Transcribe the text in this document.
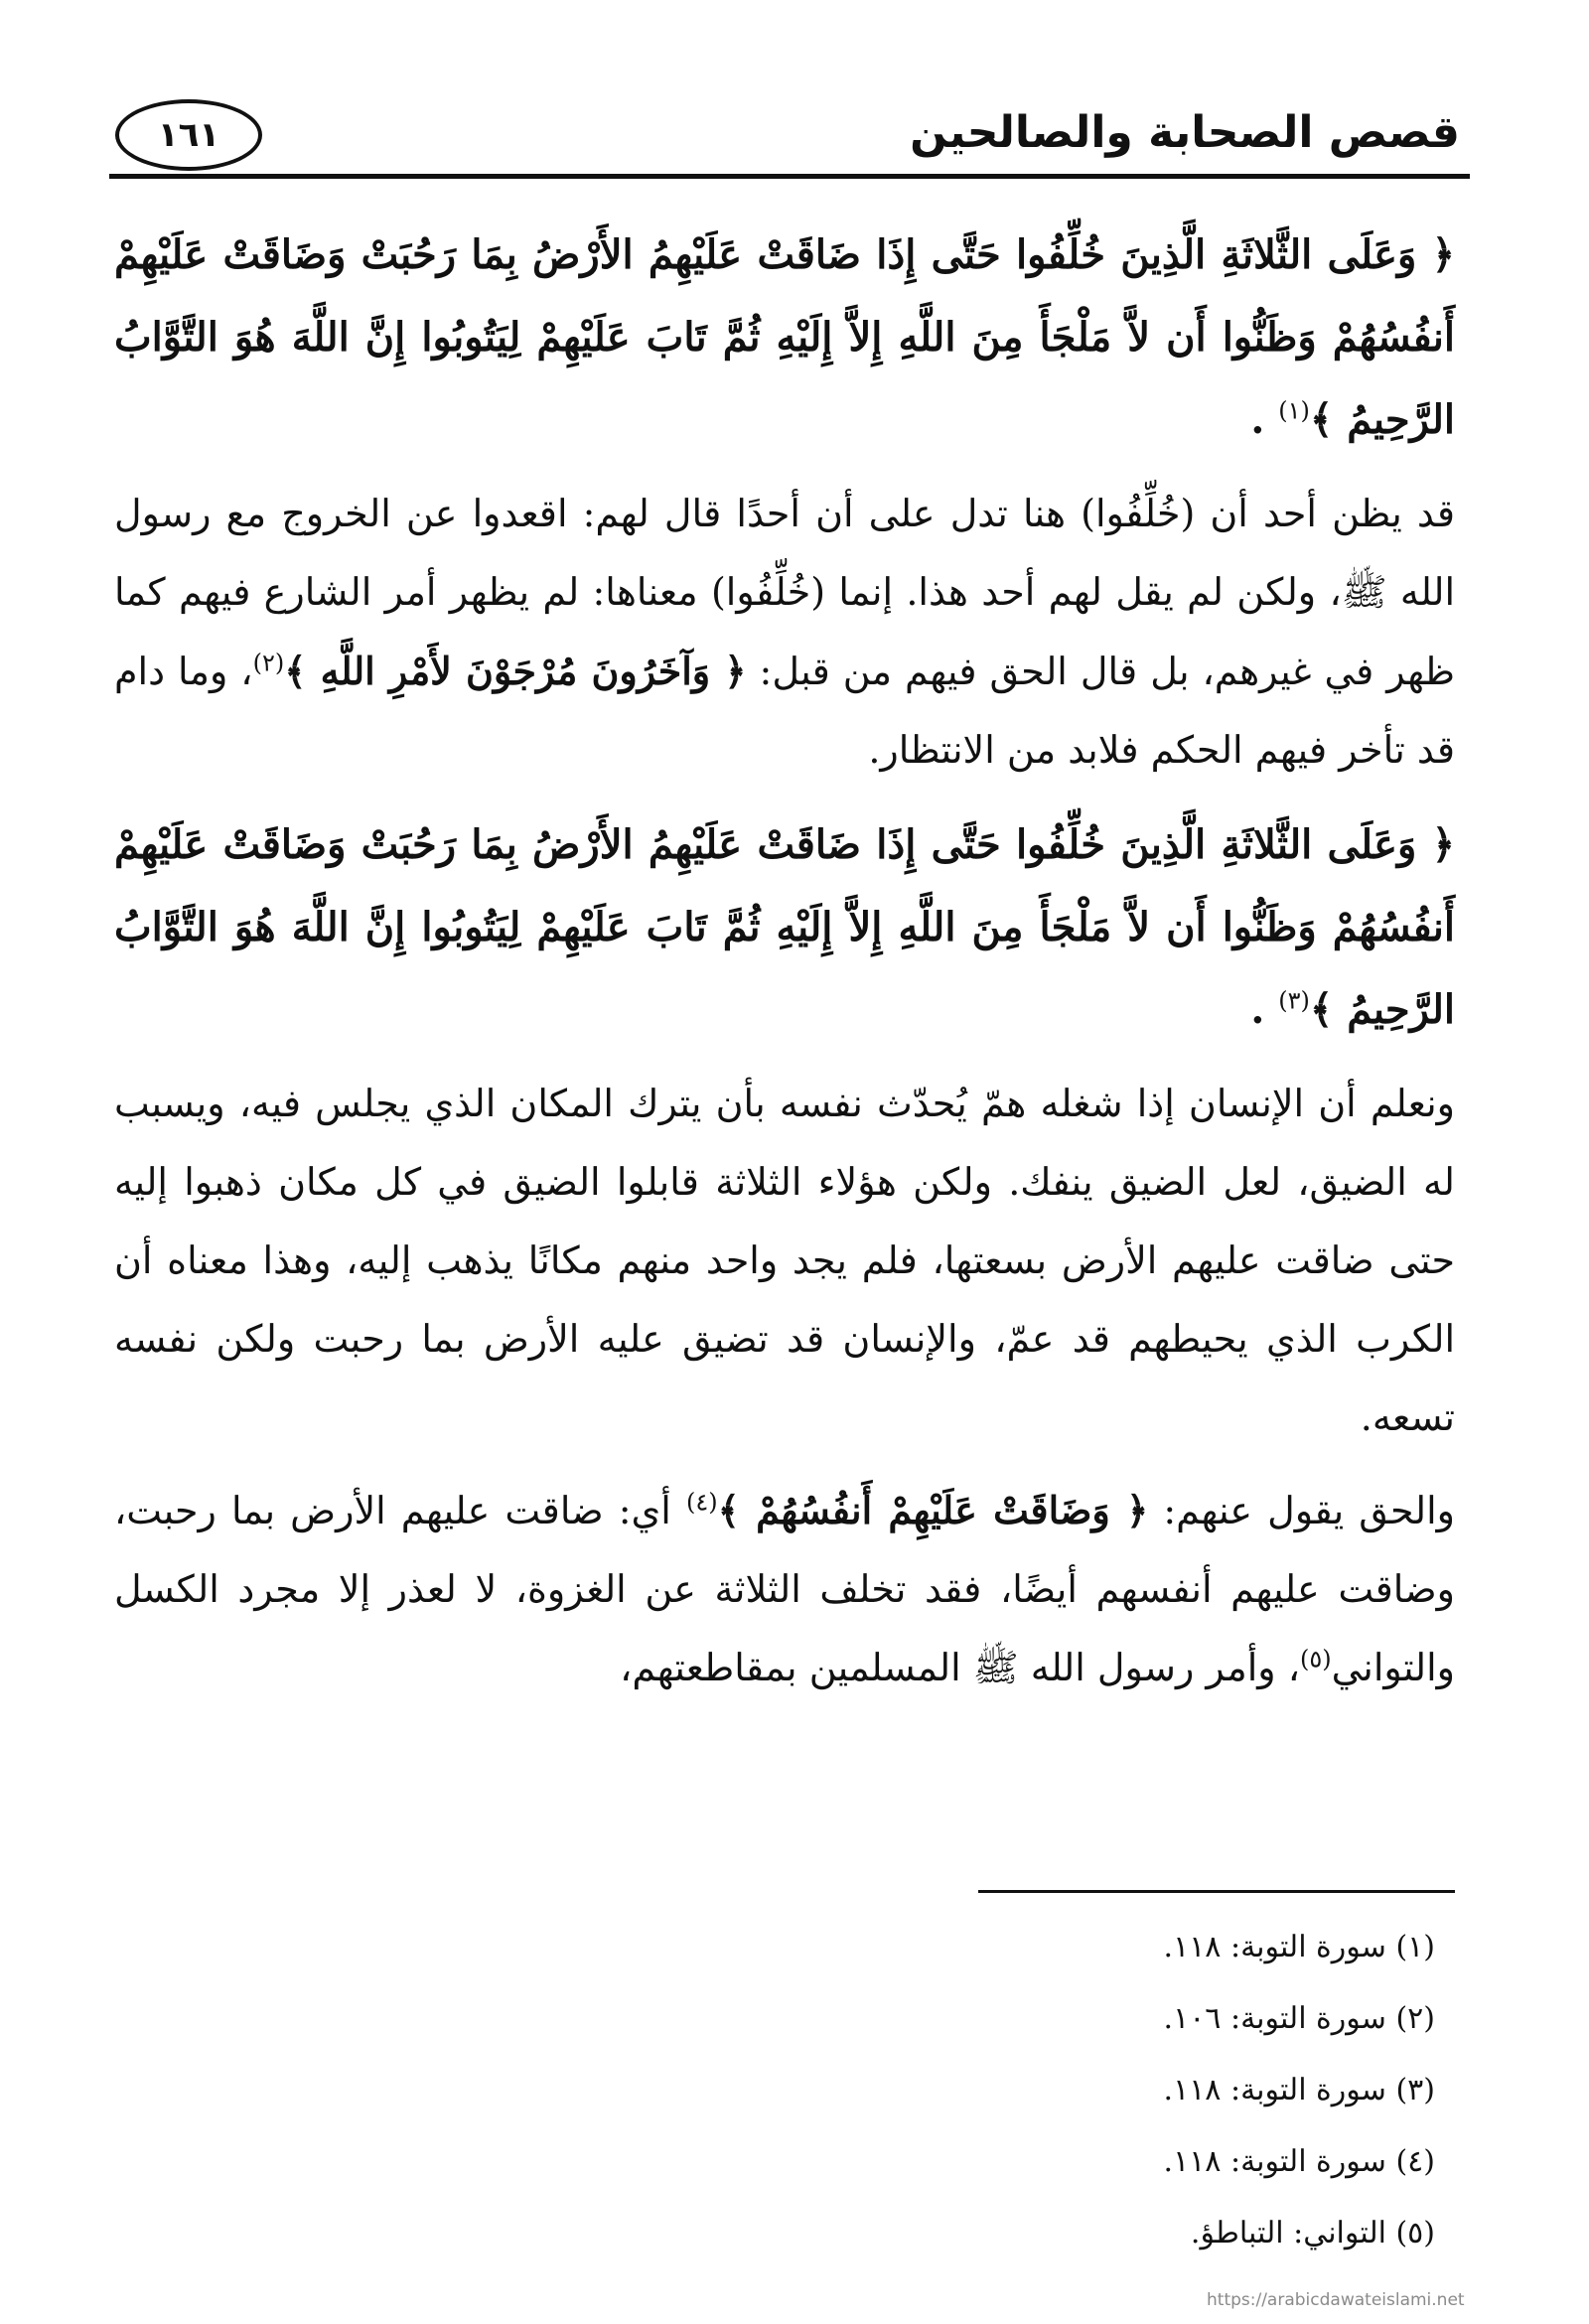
قصص الصحابة والصالحين
١٦١

﴿ وَعَلَى الثَّلاثَةِ الَّذِينَ خُلِّفُوا حَتَّى إِذَا ضَاقَتْ عَلَيْهِمُ الأَرْضُ بِمَا رَحُبَتْ وَضَاقَتْ عَلَيْهِمْ أَنفُسُهُمْ وَظَنُّوا أَن لاَّ مَلْجَأَ مِنَ اللَّهِ إِلاَّ إِلَيْهِ ثُمَّ تَابَ عَلَيْهِمْ لِيَتُوبُوا إِنَّ اللَّهَ هُوَ التَّوَّابُ الرَّحِيمُ ﴾$^{(١)}$ .

قد يظن أحد أن (خُلِّفُوا) هنا تدل على أن أحدًا قال لهم: اقعدوا عن الخروج مع رسول الله ﷺ، ولكن لم يقل لهم أحد هذا. إنما (خُلِّفُوا) معناها: لم يظهر أمر الشارع فيهم كما ظهر في غيرهم، بل قال الحق فيهم من قبل: ﴿ وَآخَرُونَ مُرْجَوْنَ لأَمْرِ اللَّهِ ﴾$^{(٢)}$، وما دام قد تأخر فيهم الحكم فلابد من الانتظار.

﴿ وَعَلَى الثَّلاثَةِ الَّذِينَ خُلِّفُوا حَتَّى إِذَا ضَاقَتْ عَلَيْهِمُ الأَرْضُ بِمَا رَحُبَتْ وَضَاقَتْ عَلَيْهِمْ أَنفُسُهُمْ وَظَنُّوا أَن لاَّ مَلْجَأَ مِنَ اللَّهِ إِلاَّ إِلَيْهِ ثُمَّ تَابَ عَلَيْهِمْ لِيَتُوبُوا إِنَّ اللَّهَ هُوَ التَّوَّابُ الرَّحِيمُ ﴾$^{(٣)}$ .

ونعلم أن الإنسان إذا شغله همّ يُحدّث نفسه بأن يترك المكان الذي يجلس فيه، ويسبب له الضيق، لعل الضيق ينفك. ولكن هؤلاء الثلاثة قابلوا الضيق في كل مكان ذهبوا إليه حتى ضاقت عليهم الأرض بسعتها، فلم يجد واحد منهم مكانًا يذهب إليه، وهذا معناه أن الكرب الذي يحيطهم قد عمّ، والإنسان قد تضيق عليه الأرض بما رحبت ولكن نفسه تسعه.

والحق يقول عنهم: ﴿ وَضَاقَتْ عَلَيْهِمْ أَنفُسُهُمْ ﴾$^{(٤)}$ أي: ضاقت عليهم الأرض بما رحبت، وضاقت عليهم أنفسهم أيضًا، فقد تخلف الثلاثة عن الغزوة، لا لعذر إلا مجرد الكسل والتواني$^{(٥)}$، وأمر رسول الله ﷺ المسلمين بمقاطعتهم،

(١) سورة التوبة: ١١٨.

(٢) سورة التوبة: ١٠٦.

(٣) سورة التوبة: ١١٨.

(٤) سورة التوبة: ١١٨.

(٥) التواني: التباطؤ.

https://arabicdawateislami.net
